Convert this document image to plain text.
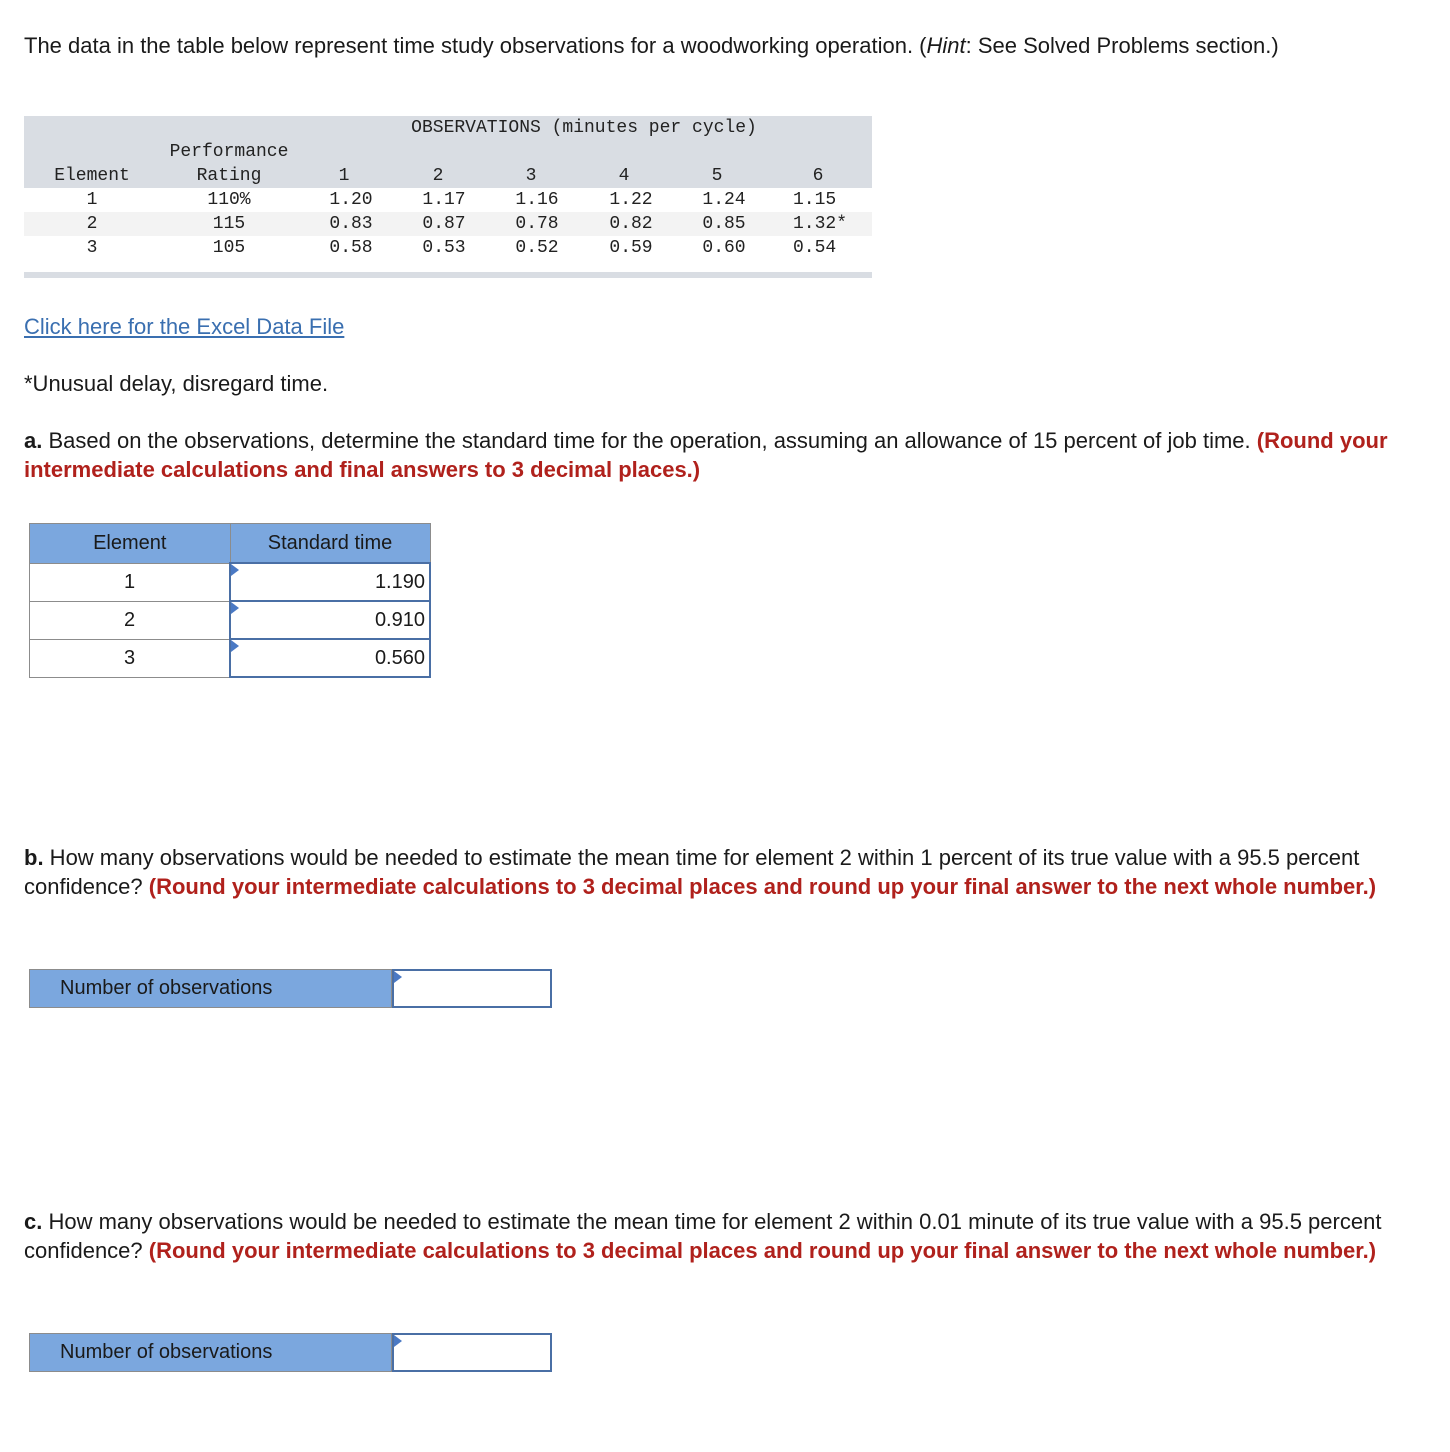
The data in the table below represent time study observations for a woodworking operation. (Hint: See Solved Problems section.)
OBSERVATIONS (minutes per cycle)
Performance
Element	Rating	1	2	3	4	5	6
1	110%	1.20	1.17	1.16	1.22	1.24	1.15
2	115	0.83	0.87	0.78	0.82	0.85	1.32*
3	105	0.58	0.53	0.52	0.59	0.60	0.54
Click here for the Excel Data File
*Unusual delay, disregard time.
a. Based on the observations, determine the standard time for the operation, assuming an allowance of 15 percent of job time. (Round your intermediate calculations and final answers to 3 decimal places.)
Element	Standard time
1	1.190

2	0.910

3	0.560
b. How many observations would be needed to estimate the mean time for element 2 within 1 percent of its true value with a 95.5 percent confidence? (Round your intermediate calculations to 3 decimal places and round up your final answer to the next whole number.)
Number of observations
c. How many observations would be needed to estimate the mean time for element 2 within 0.01 minute of its true value with a 95.5 percent confidence? (Round your intermediate calculations to 3 decimal places and round up your final answer to the next whole number.)
Number of observations
